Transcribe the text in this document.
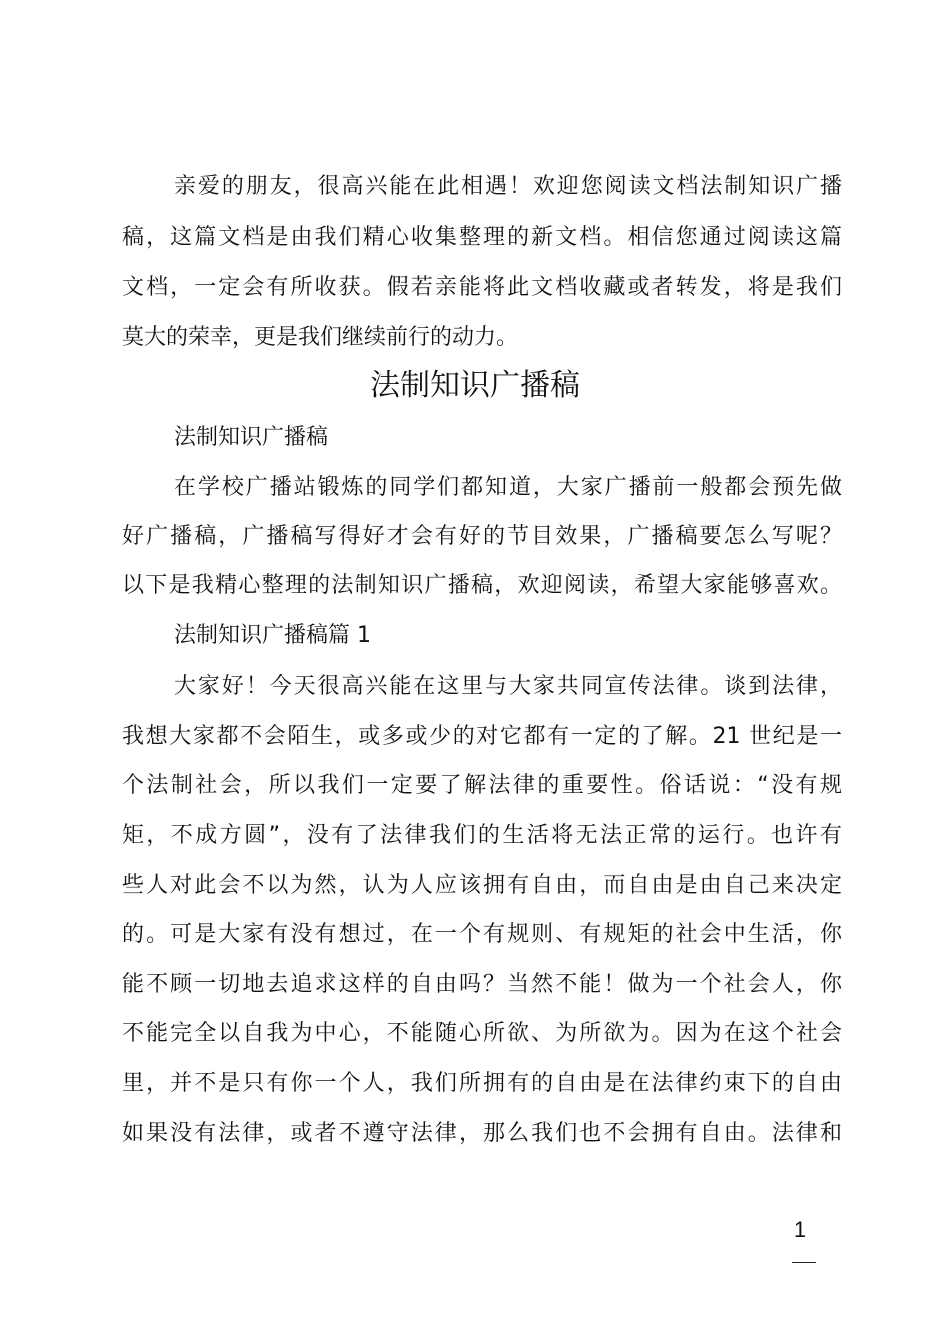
亲爱的朋友，很高兴能在此相遇！欢迎您阅读文档法制知识广播
稿，这篇文档是由我们精心收集整理的新文档。相信您通过阅读这篇
文档，一定会有所收获。假若亲能将此文档收藏或者转发，将是我们
莫大的荣幸，更是我们继续前行的动力。
法制知识广播稿
法制知识广播稿
在学校广播站锻炼的同学们都知道，大家广播前一般都会预先做
好广播稿，广播稿写得好才会有好的节目效果，广播稿要怎么写呢？
以下是我精心整理的法制知识广播稿，欢迎阅读，希望大家能够喜欢。
法制知识广播稿篇 1
大家好！今天很高兴能在这里与大家共同宣传法律。谈到法律，
我想大家都不会陌生，或多或少的对它都有一定的了解。21 世纪是一
个法制社会，所以我们一定要了解法律的重要性。俗话说：“没有规
矩，不成方圆”，没有了法律我们的生活将无法正常的运行。也许有
些人对此会不以为然，认为人应该拥有自由，而自由是由自己来决定
的。可是大家有没有想过，在一个有规则、有规矩的社会中生活，你
能不顾一切地去追求这样的自由吗？当然不能！做为一个社会人，你
不能完全以自我为中心，不能随心所欲、为所欲为。因为在这个社会
里，并不是只有你一个人，我们所拥有的自由是在法律约束下的自由
如果没有法律，或者不遵守法律，那么我们也不会拥有自由。法律和
1
